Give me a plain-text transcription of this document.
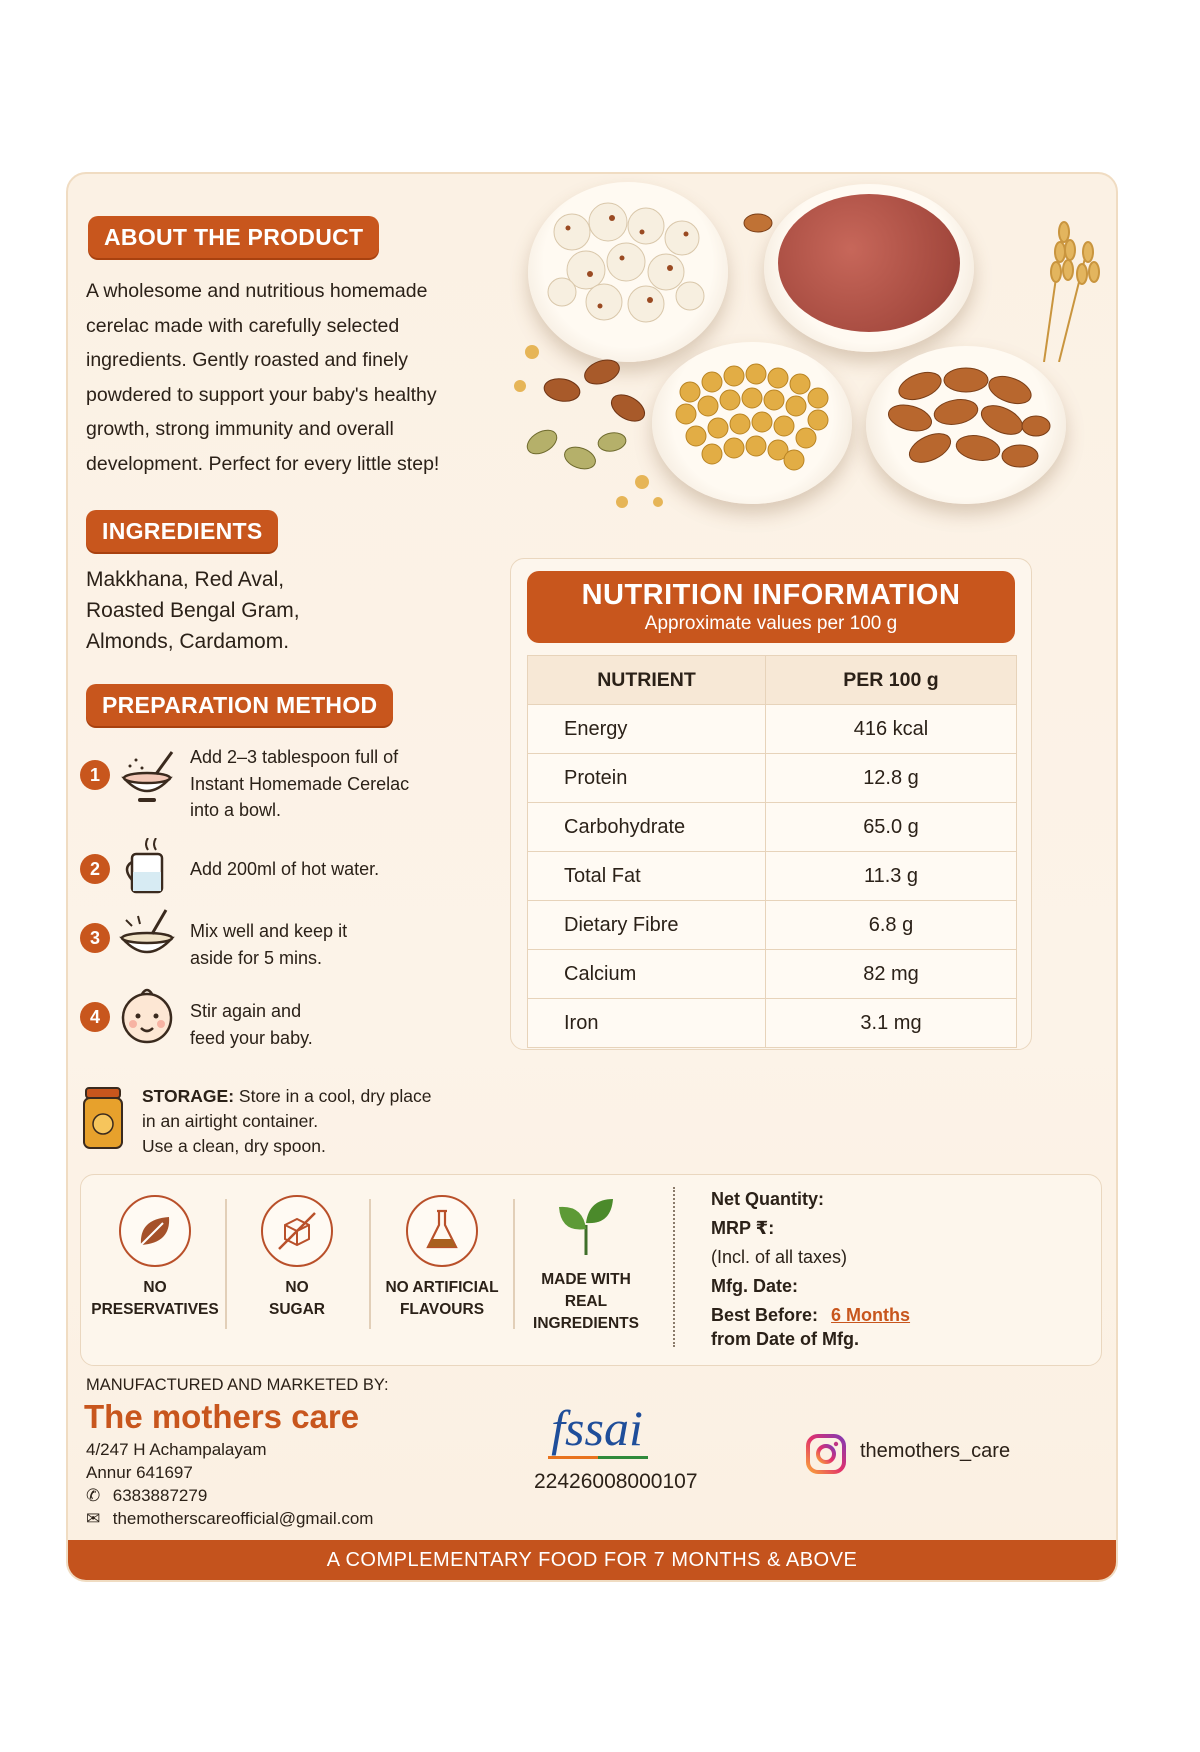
ABOUT THE PRODUCT
A wholesome and nutritious homemade
cerelac made with carefully selected
ingredients. Gently roasted and finely
powdered to support your baby's healthy
growth, strong immunity and overall
development. Perfect for every little step!
INGREDIENTS
Makkhana, Red Aval,
Roasted Bengal Gram,
Almonds, Cardamom.
PREPARATION METHOD
1
Add 2–3 tablespoon full of
Instant Homemade Cerelac
into a bowl.
2	Add 200ml of hot water.
3	Mix well and keep it
aside for 5 mins.
4	Stir again and
feed your baby.
STORAGE: Store in a cool, dry place
in an airtight container.
Use a clean, dry spoon.
NUTRITION INFORMATION
Approximate values per 100 g
NUTRIENT	PER 100 g
Energy	416 kcal
Protein	12.8 g
Carbohydrate	65.0 g
Total Fat	11.3 g
Dietary Fibre	6.8 g
Calcium	82 mg
Iron	3.1 mg
NO
PRESERVATIVES
NO
SUGAR
NO ARTIFICIAL
FLAVOURS
MADE WITH
REAL
INGREDIENTS
Net Quantity:
MRP ₹:
(Incl. of all taxes)
Mfg. Date:
Best Before: 6 Months
from Date of Mfg.
MANUFACTURED AND MARKETED BY:
The mothers care
4/247 H Achampalayam
Annur 641697
✆ 6383887279
✉ themotherscareofficial@gmail.com
fssai
22426008000107
themothers_care
A COMPLEMENTARY FOOD FOR 7 MONTHS & ABOVE
